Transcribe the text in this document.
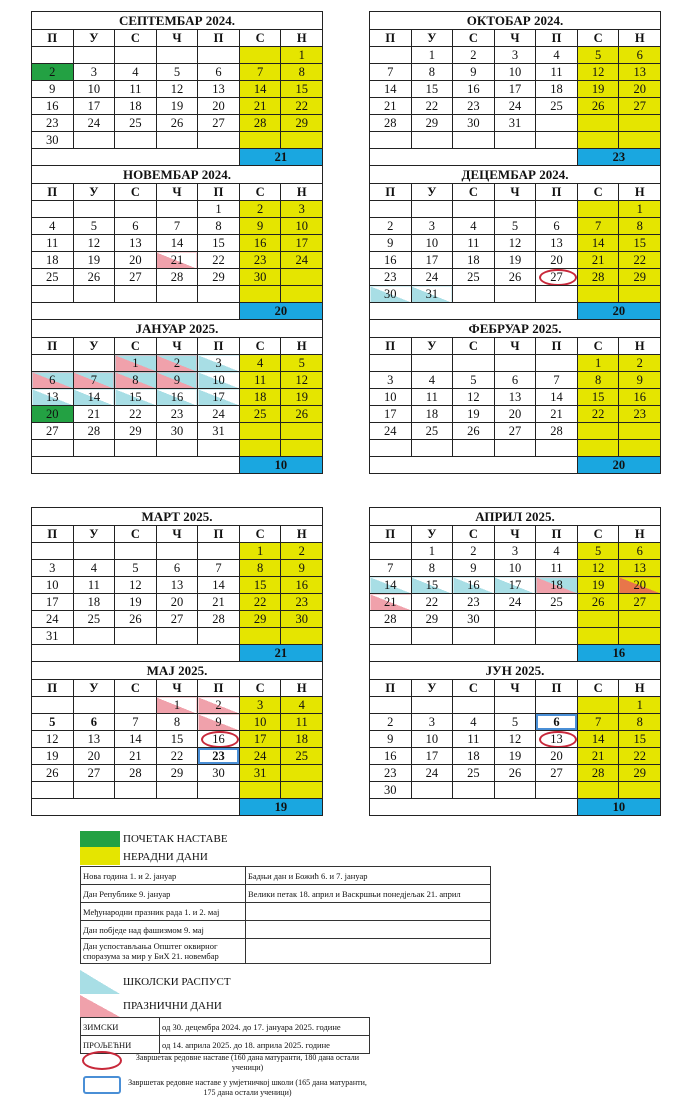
СЕПТЕМБАР 2024.						
П	У	С	Ч	П	С	Н
						1
2	3	4	5	6	7	8
9	10	11	12	13	14	15
16	17	18	19	20	21	22
23	24	25	26	27	28	29
30						
					21	
ОКТОБАР 2024.						
П	У	С	Ч	П	С	Н
	1	2	3	4	5	6
7	8	9	10	11	12	13
14	15	16	17	18	19	20
21	22	23	24	25	26	27
28	29	30	31			

					23	
НОВЕМБАР 2024.						
П	У	С	Ч	П	С	Н
				1	2	3
4	5	6	7	8	9	10
11	12	13	14	15	16	17
18	19	20	21	22	23	24
25	26	27	28	29	30	

					20	
ДЕЦЕМБАР 2024.						
П	У	С	Ч	П	С	Н
						1
2	3	4	5	6	7	8
9	10	11	12	13	14	15
16	17	18	19	20	21	22
23	24	25	26	27	28	29
30	31					
					20	
ЈАНУАР 2025.						
П	У	С	Ч	П	С	Н
		1	2	3	4	5
6	7	8	9	10	11	12
13	14	15	16	17	18	19
20	21	22	23	24	25	26
27	28	29	30	31		

					10	
ФЕБРУАР 2025.						
П	У	С	Ч	П	С	Н
					1	2
3	4	5	6	7	8	9
10	11	12	13	14	15	16
17	18	19	20	21	22	23
24	25	26	27	28		

					20	
МАРТ 2025.						
П	У	С	Ч	П	С	Н
					1	2
3	4	5	6	7	8	9
10	11	12	13	14	15	16
17	18	19	20	21	22	23
24	25	26	27	28	29	30
31						
					21	
АПРИЛ 2025.						
П	У	С	Ч	П	С	Н
	1	2	3	4	5	6
7	8	9	10	11	12	13
14	15	16	17	18	19	20
21	22	23	24	25	26	27
28	29	30				

					16	
МАЈ 2025.						
П	У	С	Ч	П	С	Н
			1	2	3	4
5	6	7	8	9	10	11
12	13	14	15	16	17	18
19	20	21	22	23	24	25
26	27	28	29	30	31	

					19	
ЈУН 2025.						
П	У	С	Ч	П	С	Н
						1
2	3	4	5	6	7	8
9	10	11	12	13	14	15
16	17	18	19	20	21	22
23	24	25	26	27	28	29
30						
					10	
ПОЧЕТАК НАСТАВЕ
НЕРАДНИ ДАНИ
Нова година 1. и 2. јануар	Бадњи дан и Божић 6. и 7. јануар
Дан Републике 9. јануар	Велики петак 18. април и Васкршњи понедјељак 21. април
Међународни празник рада 1. и 2. мај	
Дан побједе над фашизмом 9. мај	
Дан успостављања Општег оквирног споразума за мир у БиХ 21. новембар	
ШКОЛСКИ РАСПУСТ
ПРАЗНИЧНИ ДАНИ
ЗИМСКИ	од 30. децембра 2024. до 17. јануара 2025. године
ПРОЉЕЋНИ	од 14. априла 2025. до 18. априла 2025. године
Завршетак редовне наставе (160 дана матуранти, 180 дана остали ученици)
Завршетак редовне наставе у умјетничкој школи (165 дана матуранти, 175 дана остали ученици)
